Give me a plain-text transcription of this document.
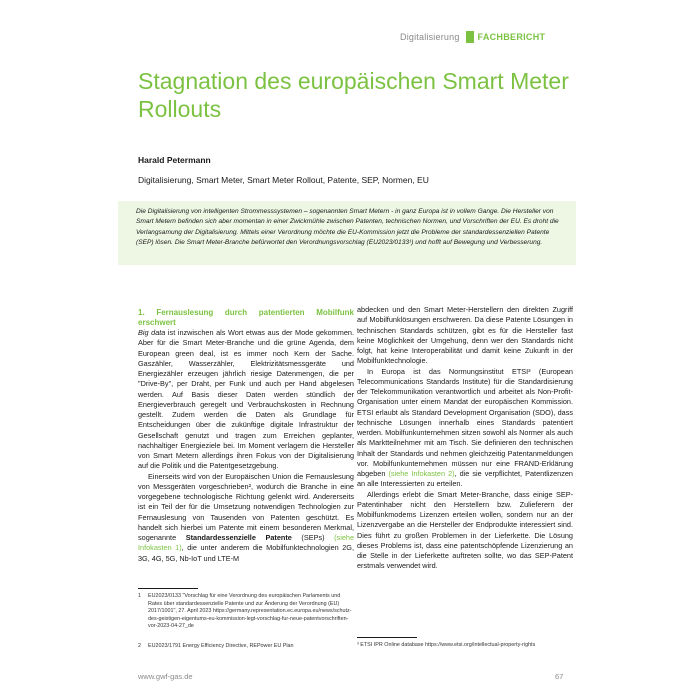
Digitalisierung FACHBERICHT
Stagnation des europäischen Smart Meter Rollouts
Harald Petermann
Digitalisierung, Smart Meter, Smart Meter Rollout, Patente, SEP, Normen, EU
Die Digitalisierung von intelligenten Strommesssystemen – sogenannten Smart Metern - in ganz Europa ist in vollem Gange. Die Hersteller von Smart Metern befinden sich aber momentan in einer Zwickmühle zwischen Patenten, technischen Normen, und Vorschriften der EU. Es droht die Verlangsamung der Digitalisierung. Mittels einer Verordnung möchte die EU-Kommission jetzt die Probleme der standardessenziellen Patente (SEP) lösen. Die Smart Meter-Branche befürwortet den Verordnungsvorschlag (EU2023/0133¹) und hofft auf Bewegung und Verbesserung.
1. Fernauslesung durch patentierten Mobilfunk erschwert

Big data ist inzwischen als Wort etwas aus der Mode gekommen. Aber für die Smart Meter-Branche und die grüne Agenda, dem European green deal, ist es immer noch Kern der Sache. Gaszähler, Wasserzähler, Elektrizitätsmessgeräte und Energiezähler erzeugen jährlich riesige Datenmengen, die per "Drive-By", per Draht, per Funk und auch per Hand abgelesen werden. Auf Basis dieser Daten werden stündlich der Energieverbrauch geregelt und Verbrauchskosten in Rechnung gestellt. Zudem werden die Daten als Grundlage für Entscheidungen über die zukünftige digitale Infrastruktur der Gesellschaft genutzt und tragen zum Erreichen geplanter, nachhaltiger Energieziele bei. Im Moment verlagern die Hersteller von Smart Metern allerdings ihren Fokus von der Digitalisierung auf die Politik und die Patentgesetzgebung.

Einerseits wird von der Europäischen Union die Fernauslesung von Messgeräten vorgeschrieben², wodurch die Branche in eine vorgegebene technologische Richtung gelenkt wird. Andererseits ist ein Teil der für die Umsetzung notwendigen Technologien zur Fernauslesung von Tausenden von Patenten geschützt. Es handelt sich hierbei um Patente mit einem besonderen Merkmal, sogenannte Standardessenzielle Patente (SEPs) (siehe Infokasten 1), die unter anderem die Mobilfunktechnologien 2G, 3G, 4G, 5G, Nb-IoT und LTE-M

abdecken und den Smart Meter-Herstellern den direkten Zugriff auf Mobilfunklösungen erschweren. Da diese Patente Lösungen in technischen Standards schützen, gibt es für die Hersteller fast keine Möglichkeit der Umgehung, denn wer den Standards nicht folgt, hat keine Interoperabilität und damit keine Zukunft in der Mobilfunktechnologie.

In Europa ist das Normungsinstitut ETSI³ (European Telecommunications Standards Institute) für die Standardisierung der Telekommunikation verantwortlich und arbeitet als Non-Profit-Organisation unter einem Mandat der europäischen Kommission. ETSI erlaubt als Standard Development Organisation (SDO), dass technische Lösungen innerhalb eines Standards patentiert werden. Mobilfunkunternehmen sitzen sowohl als Normer als auch als Marktteilnehmer mit am Tisch. Sie definieren den technischen Inhalt der Standards und nehmen gleichzeitig Patentanmeldungen vor. Mobilfunkunternehmen müssen nur eine FRAND-Erklärung abgeben (siehe Infokasten 2), die sie verpflichtet, Patentlizenzen an alle Interessierten zu erteilen.

Allerdings erlebt die Smart Meter-Branche, dass einige SEP-Patentinhaber nicht den Herstellern bzw. Zulieferern der Mobilfunkmodems Lizenzen erteilen wollen, sondern nur an der Lizenzvergabe an die Hersteller der Endprodukte interessiert sind. Dies führt zu großen Problemen in der Lieferkette. Die Lösung dieses Problems ist, dass eine patentschöpfende Lizenzierung an die Stelle in der Lieferkette auftreten sollte, wo das SEP-Patent erstmals verwendet wird.

1 EU2023/0133 "Vorschlag für eine Verordnung des europäischen Parlaments und Rates über standardessenzielle Patente und zur Änderung der Verordnung (EU) 2017/1001", 27. April 2023 https://germany.representation.ec.europa.eu/news/schutz-des-geistigen-eigentums-eu-kommission-legt-vorschlag-fur-neue-patentvorschriften-vor-2023-04-27_de
2 EU2023/1791 Energy Efficiency Directive, REPower EU Plan	³ ETSI IPR Online database https://www.etsi.org/intellectual-property-rights
www.gwf-gas.de	67
